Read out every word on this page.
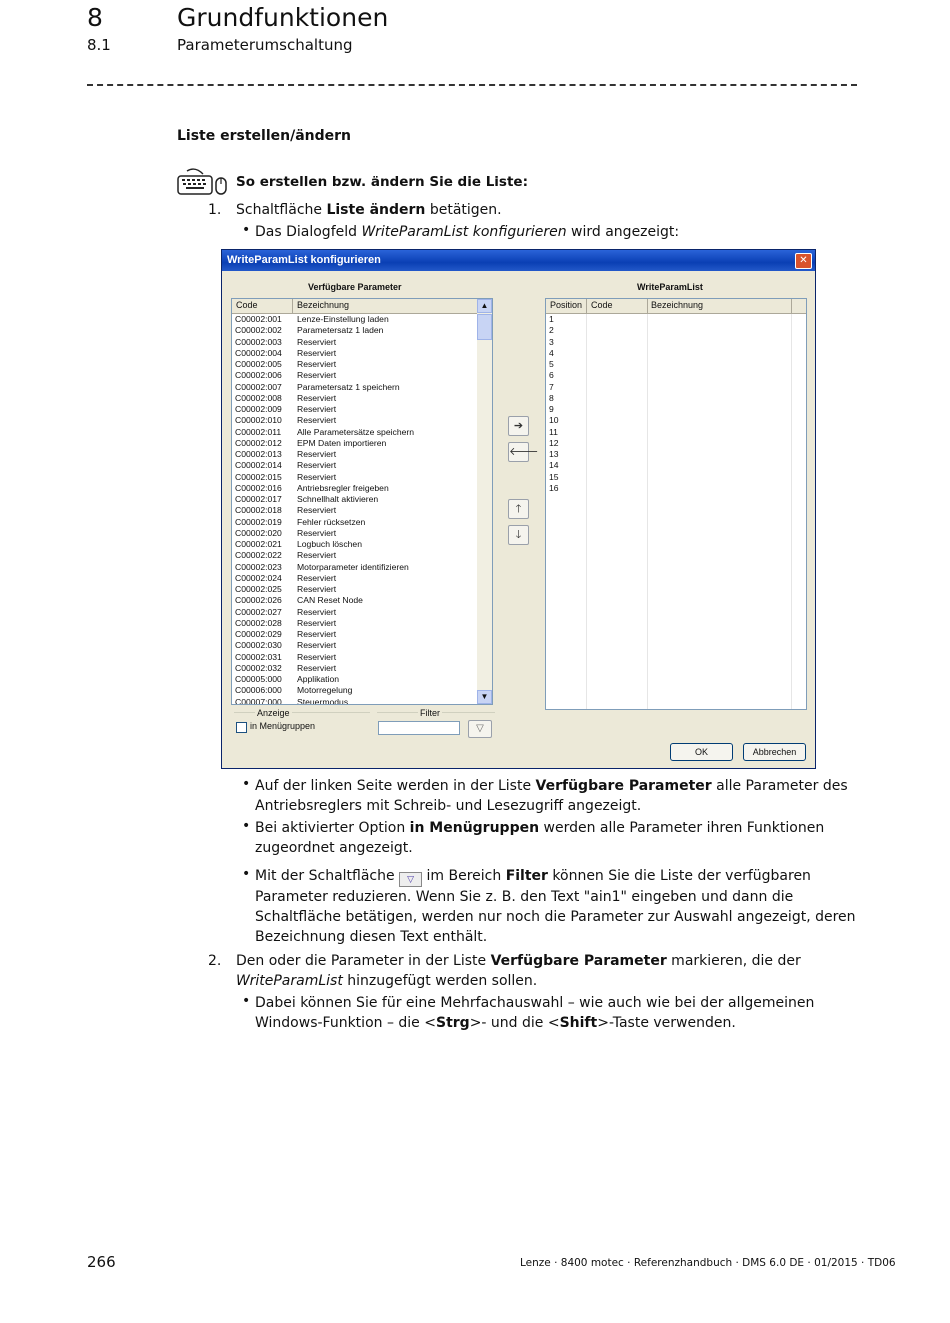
8	Grundfunktionen
8.1	Parameterumschaltung
Liste erstellen/ändern
So erstellen bzw. ändern Sie die Liste:
1. Schaltfläche Liste ändern betätigen.
• Das Dialogfeld WriteParamList konfigurieren wird angezeigt:
WriteParamList konfigurieren	✕
Verfügbare Parameter	WriteParamList
Code	Bezeichnung
C00002:001 Lenze-Einstellung laden
C00002:002 Parametersatz 1 laden
C00002:003 Reserviert
C00002:004 Reserviert
C00002:005 Reserviert
C00002:006 Reserviert
C00002:007 Parametersatz 1 speichern
C00002:008 Reserviert
C00002:009 Reserviert
C00002:010 Reserviert
C00002:011 Alle Parametersätze speichern
C00002:012 EPM Daten importieren
C00002:013 Reserviert
C00002:014 Reserviert
C00002:015 Reserviert
C00002:016 Antriebsregler freigeben
C00002:017 Schnellhalt aktivieren
C00002:018 Reserviert
C00002:019 Fehler rücksetzen
C00002:020 Reserviert
C00002:021 Logbuch löschen
C00002:022 Reserviert
C00002:023 Motorparameter identifizieren
C00002:024 Reserviert
C00002:025 Reserviert
C00002:026 CAN Reset Node
C00002:027 Reserviert
C00002:028 Reserviert
C00002:029 Reserviert
C00002:030 Reserviert
C00002:031 Reserviert
C00002:032 Reserviert
C00005:000 Applikation
C00006:000 Motorregelung
C00007:000 Steuermodus
▲
▼
➔
🡐
🡑
🡓
Position Code	Bezeichnung
1
2
3
4
5
6
7
8
9
10
11
12
13
14
15
16
Anzeige
in Menügruppen
Filter
▽
OK	Abbrechen
• Auf der linken Seite werden in der Liste Verfügbare Parameter alle Parameter des Antriebsreglers mit Schreib- und Lesezugriff angezeigt.
• Bei aktivierter Option in Menügruppen werden alle Parameter ihren Funktionen zugeordnet angezeigt.
• Mit der Schaltfläche ▽ im Bereich Filter können Sie die Liste der verfügbaren Parameter reduzieren. Wenn Sie z. B. den Text "ain1" eingeben und dann die Schaltfläche betätigen, werden nur noch die Parameter zur Auswahl angezeigt, deren Bezeichnung diesen Text enthält.
2. Den oder die Parameter in der Liste Verfügbare Parameter markieren, die der WriteParamList hinzugefügt werden sollen.
• Dabei können Sie für eine Mehrfachauswahl – wie auch wie bei der allgemeinen Windows-Funktion – die <Strg>- und die <Shift>-Taste verwenden.
266	Lenze · 8400 motec · Referenzhandbuch · DMS 6.0 DE · 01/2015 · TD06
